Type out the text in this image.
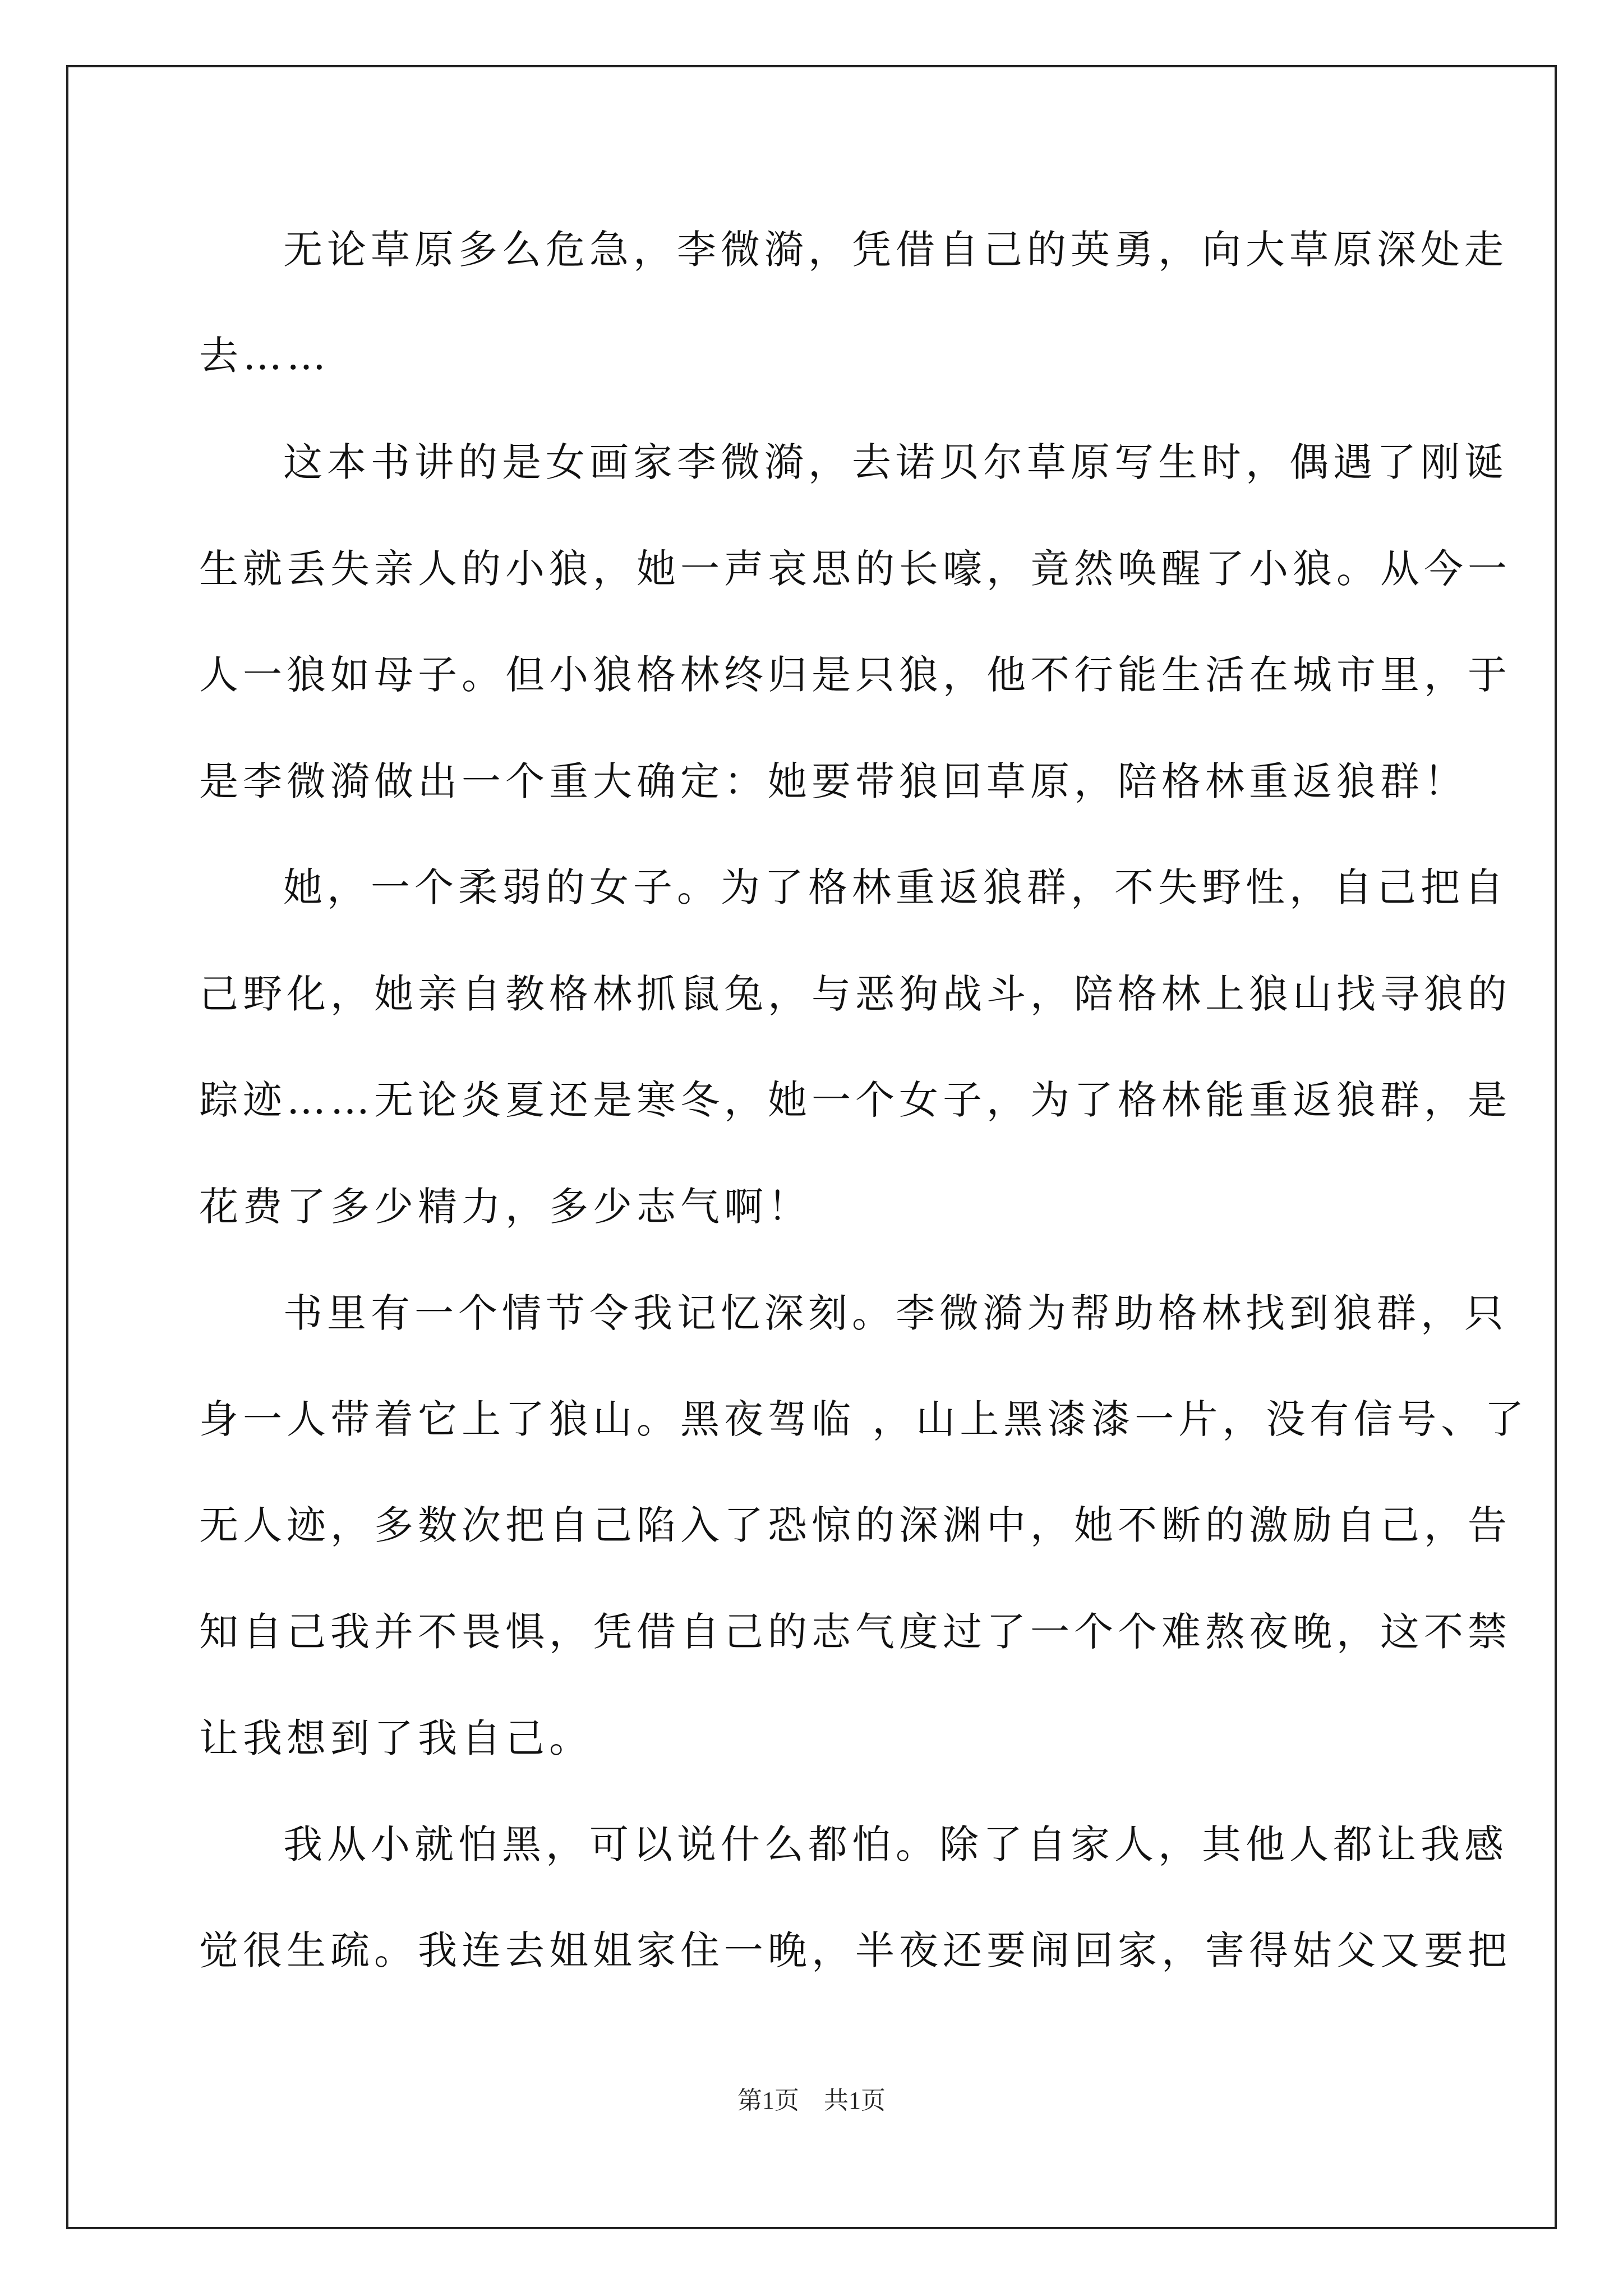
无论草原多么危急，李微漪，凭借自己的英勇，向大草原深处走
去……
这本书讲的是女画家李微漪，去诺贝尔草原写生时，偶遇了刚诞
生就丢失亲人的小狼，她一声哀思的长嚎，竟然唤醒了小狼。从今一
人一狼如母子。但小狼格林终归是只狼，他不行能生活在城市里，于
是李微漪做出一个重大确定：她要带狼回草原，陪格林重返狼群！
她，一个柔弱的女子。为了格林重返狼群，不失野性，自己把自
己野化，她亲自教格林抓鼠兔，与恶狗战斗，陪格林上狼山找寻狼的
踪迹……无论炎夏还是寒冬，她一个女子，为了格林能重返狼群，是
花费了多少精力，多少志气啊！
书里有一个情节令我记忆深刻。李微漪为帮助格林找到狼群，只
身一人带着它上了狼山。黑夜驾临 ，山上黑漆漆一片，没有信号、了
无人迹，多数次把自己陷入了恐惊的深渊中，她不断的激励自己，告
知自己我并不畏惧，凭借自己的志气度过了一个个难熬夜晚，这不禁
让我想到了我自己。
我从小就怕黑，可以说什么都怕。除了自家人，其他人都让我感
觉很生疏。我连去姐姐家住一晚，半夜还要闹回家，害得姑父又要把
第1页　共1页
